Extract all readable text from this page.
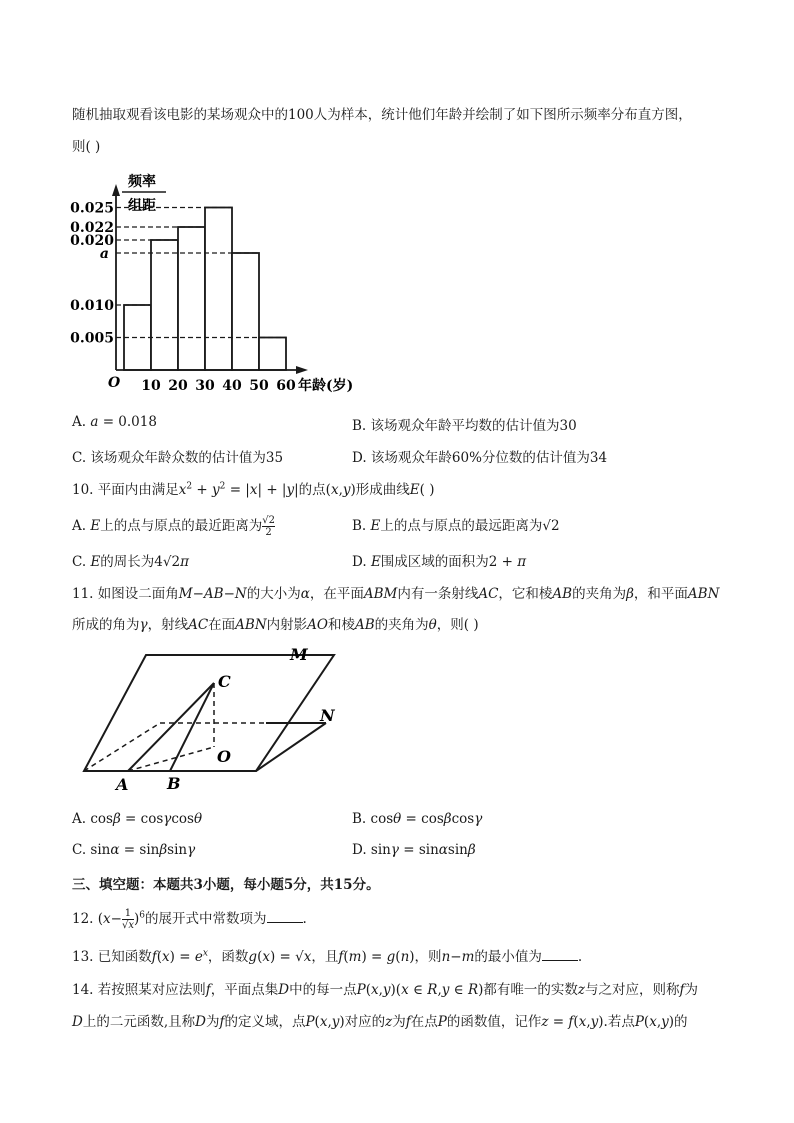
随机抽取观看该电影的某场观众中的100人为样本，统计他们年龄并绘制了如下图所示频率分布直方图，
则( )
频率
组距
0.025
0.022
0.020
a
0.010
0.005
10 20 30 40 50 60
O	年龄(岁)
A. a = 0.018	B. 该场观众年龄平均数的估计值为30
C. 该场观众年龄众数的估计值为35	D. 该场观众年龄60%分位数的估计值为34
10. 平面内由满足$x^2 + y^2 = |x| + |y|$的点(x,y)形成曲线E( )
A. E上的点与原点的最近距离为 $\frac{√2}{2}$	B. E上的点与原点的最远距离为√2
C. E的周长为4√2π	D. E围成区域的面积为2 + π
11. 如图设二面角M−AB−N的大小为α，在平面ABM内有一条射线AC，它和棱AB的夹角为β，和平面ABN
所成的角为γ，射线AC在面ABN内射影AO和棱AB的夹角为θ，则( )
M
N
C
O
A B
A. cosβ = cosγcosθ	B. cosθ = cosβcosγ
C. sinα = sinβsinγ	D. sinγ = sinαsinβ
三、填空题：本题共3小题，每小题5分，共15分。
12. $(x- \frac{1}{√x} )^6$的展开式中常数项为	.
13. 已知函数$f(x) = e^x$，函数g(x) = √x，且f(m) = g(n)，则n−m的最小值为	.
14. 若按照某对应法则f，平面点集D中的每一点P(x,y)(x ∈ R,y ∈ R)都有唯一的实数z与之对应，则称f为
D上的二元函数,且称D为f的定义域，点P(x,y)对应的z为f在点P的函数值，记作z = f(x,y).若点P(x,y)的
